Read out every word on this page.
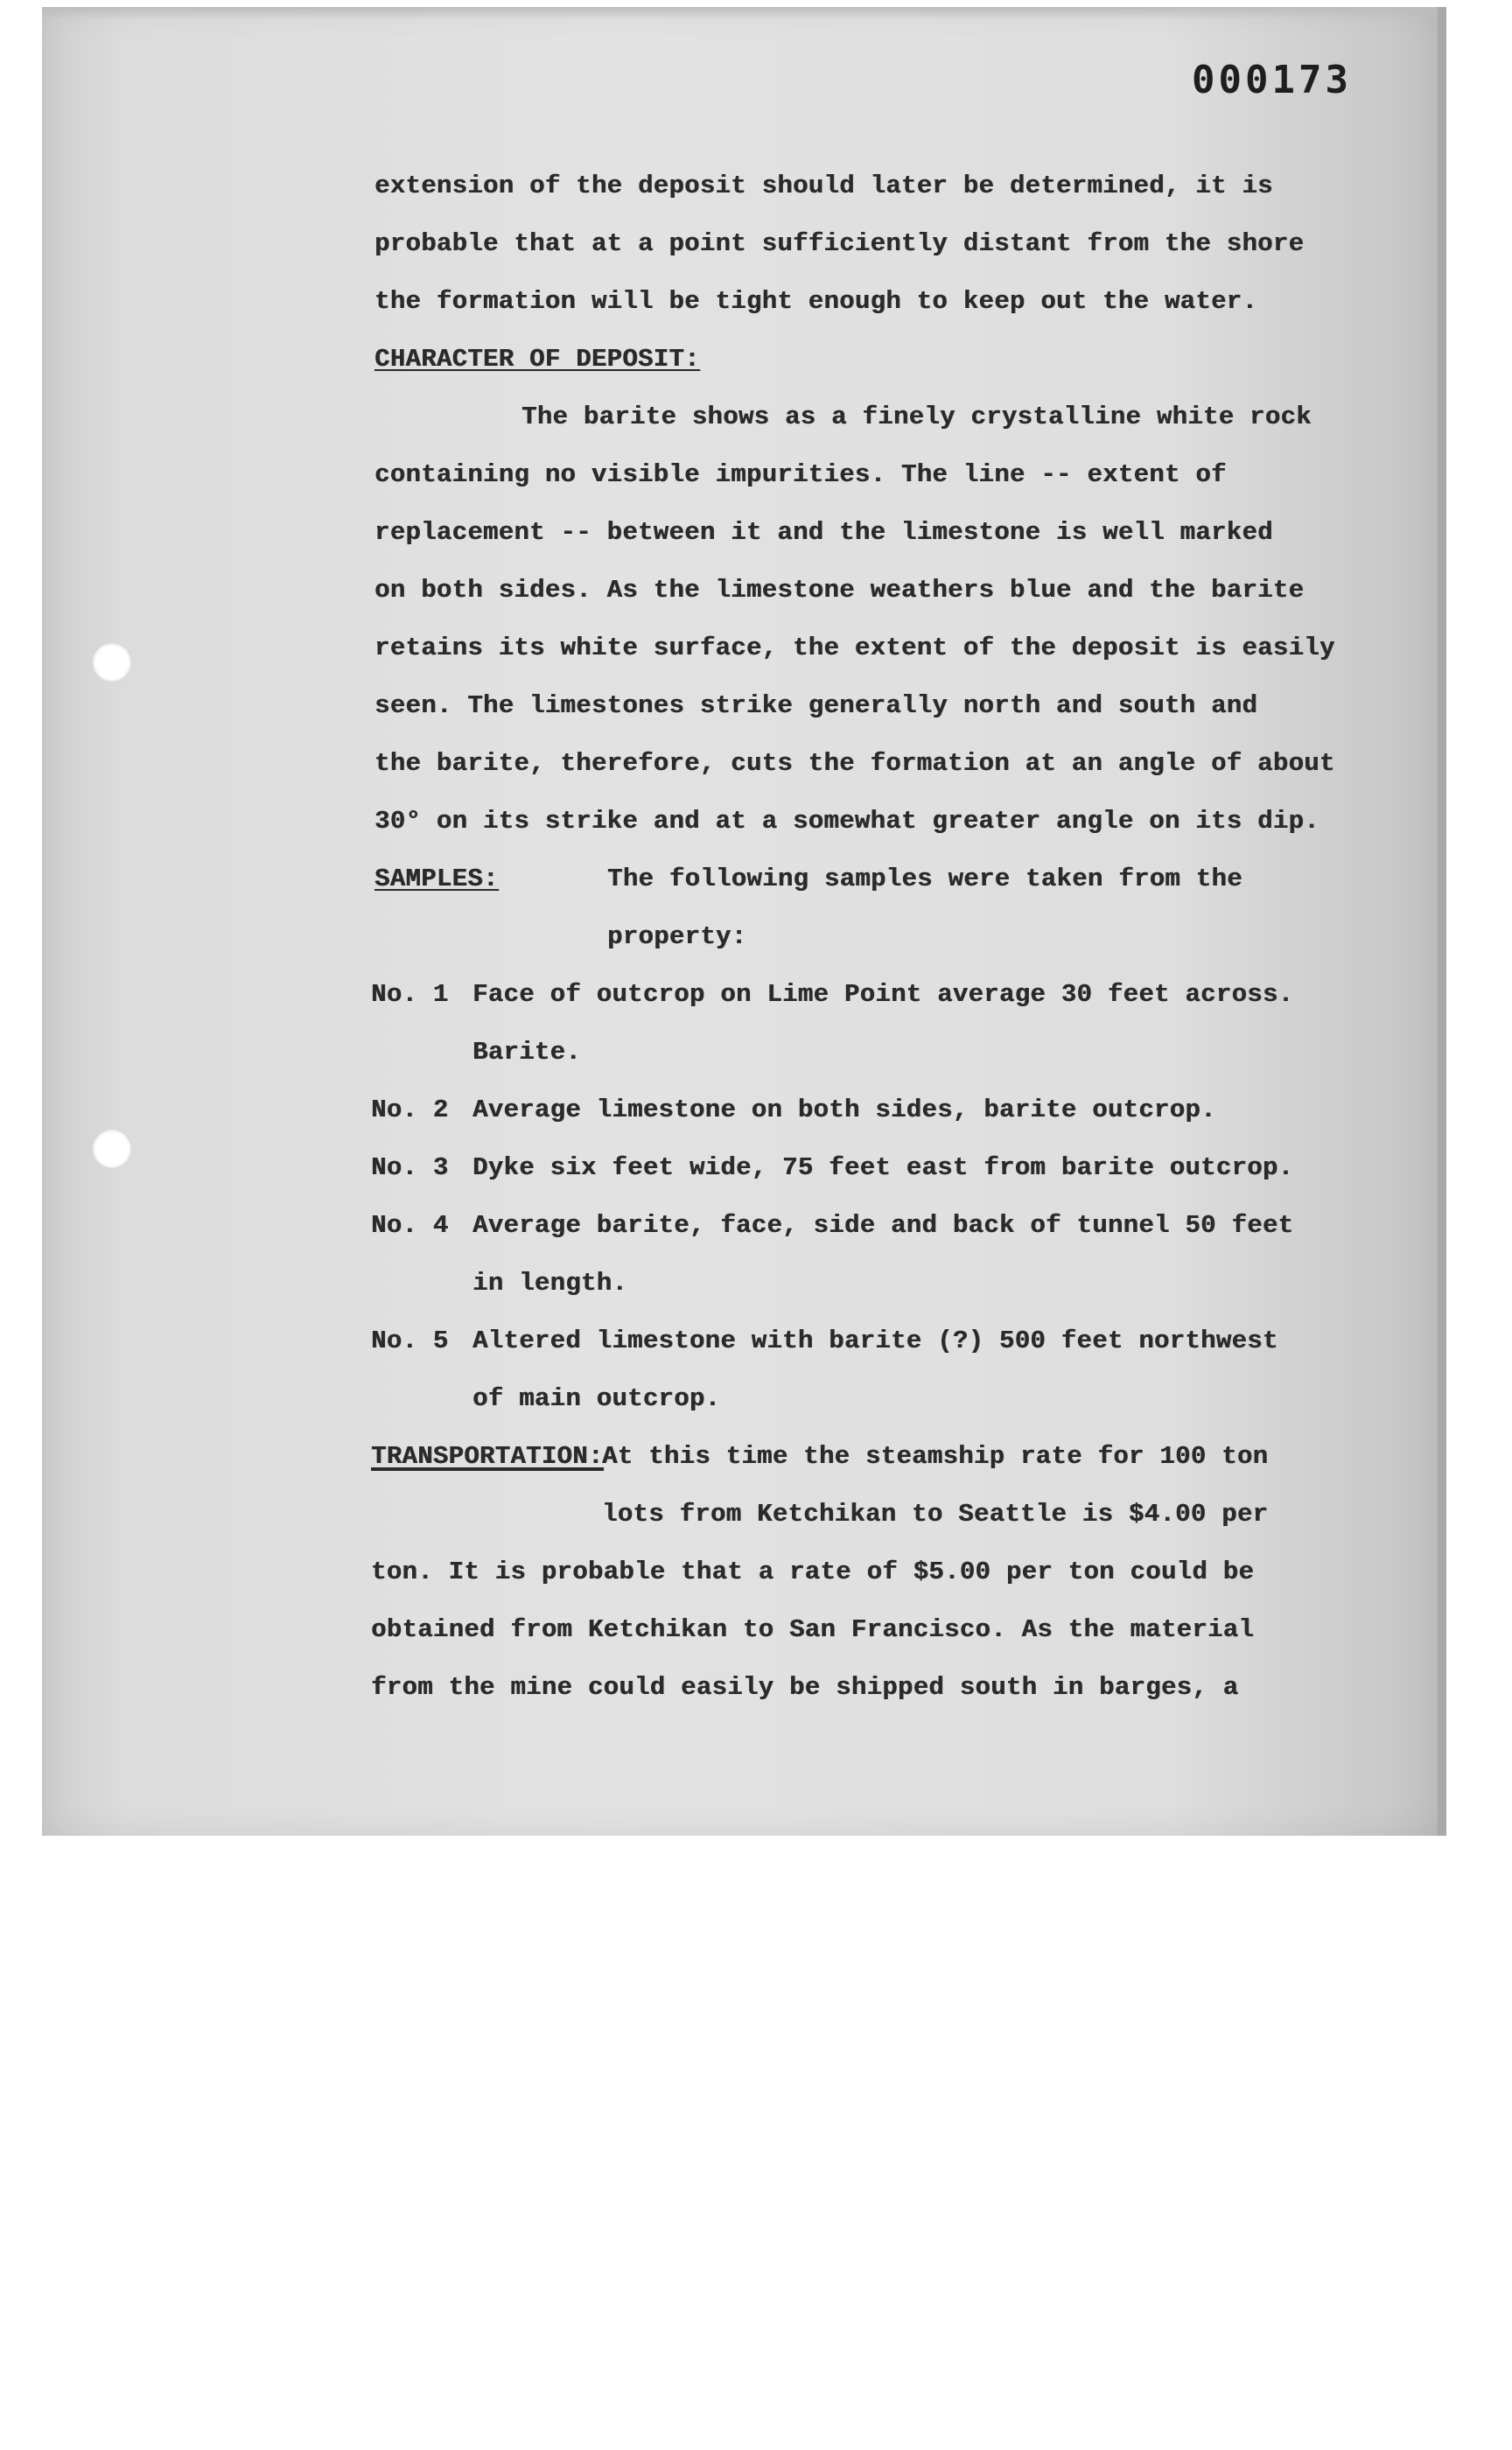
000173
extension of the deposit should later be determined, it is
probable that at a point sufficiently distant from the shore
the formation will be tight enough to keep out the water.
CHARACTER OF DEPOSIT:
The barite shows as a finely crystalline white rock
containing no visible impurities. The line -- extent of
replacement -- between it and the limestone is well marked
on both sides. As the limestone weathers blue and the barite
retains its white surface, the extent of the deposit is easily
seen. The limestones strike generally north and south and
the barite, therefore, cuts the formation at an angle of about
30° on its strike and at a somewhat greater angle on its dip.
SAMPLES:	The following samples were taken from the
property:
No. 1 Face of outcrop on Lime Point average 30 feet across.
Barite.
No. 2 Average limestone on both sides, barite outcrop.
No. 3 Dyke six feet wide, 75 feet east from barite outcrop.
No. 4 Average barite, face, side and back of tunnel 50 feet
in length.
No. 5 Altered limestone with barite (?) 500 feet northwest
of main outcrop.
TRANSPORTATION:
At this time the steamship rate for 100 ton
lots from Ketchikan to Seattle is $4.00 per
ton. It is probable that a rate of $5.00 per ton could be
obtained from Ketchikan to San Francisco. As the material
from the mine could easily be shipped south in barges, a
